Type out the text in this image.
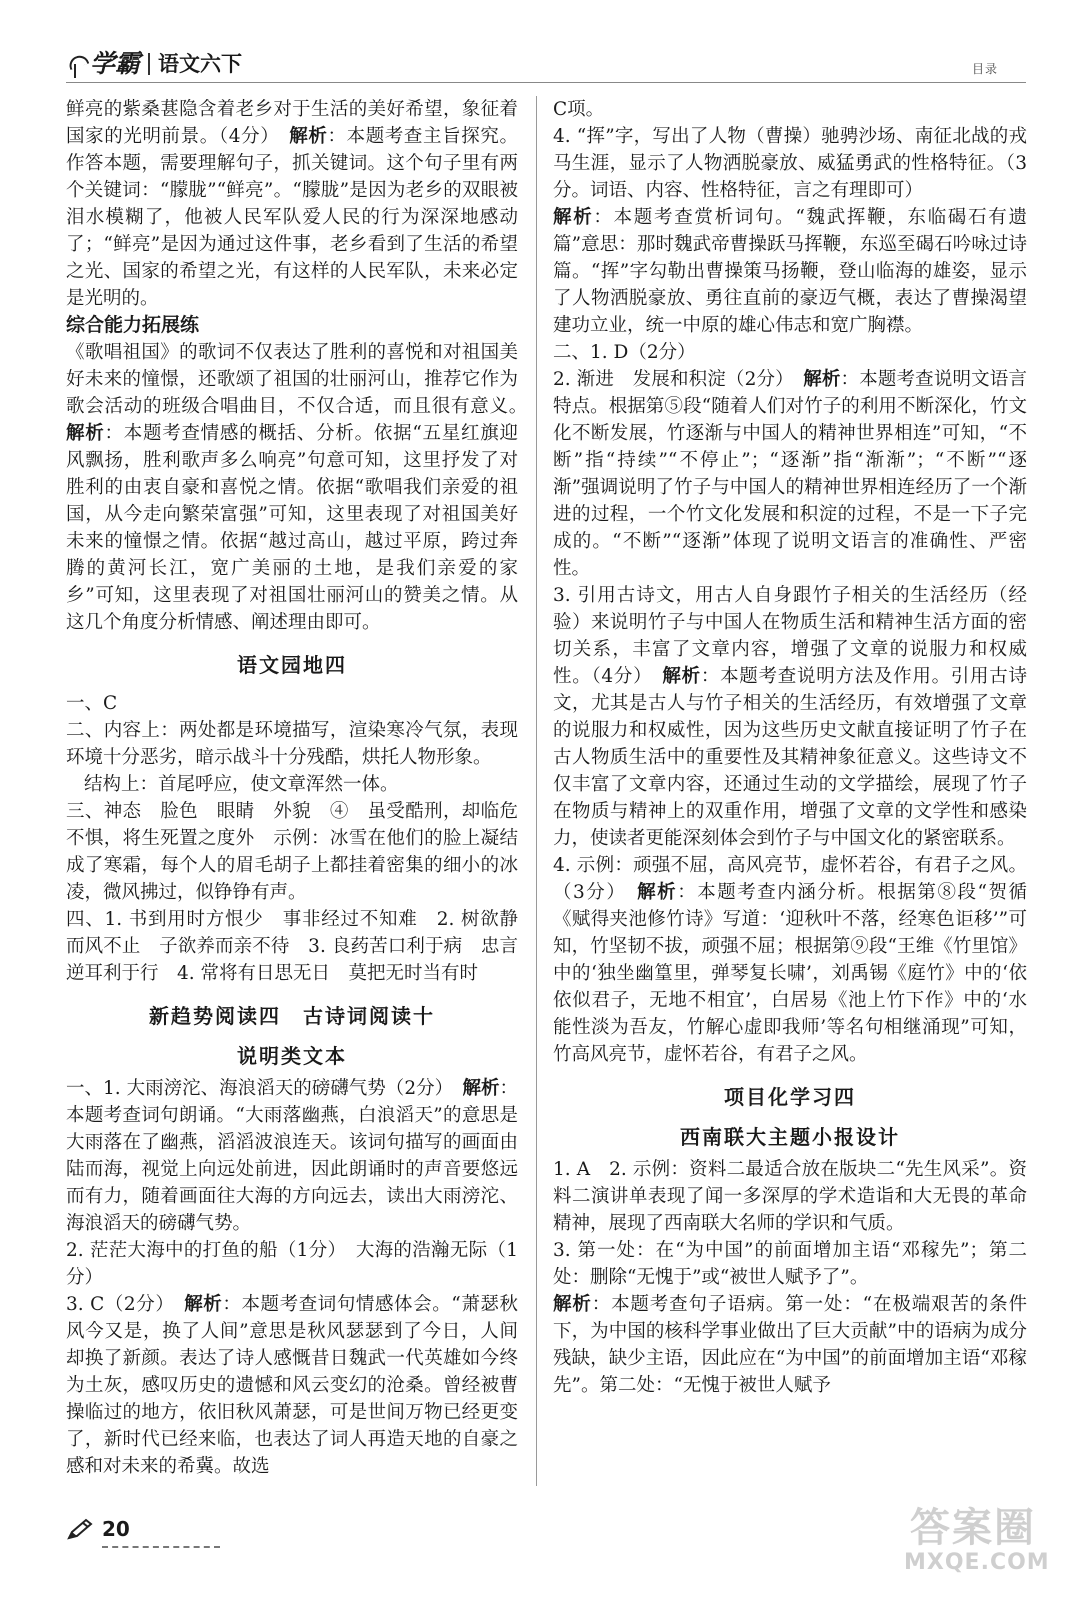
学霸 语文六下	目录

鲜亮的紫桑葚隐含着老乡对于生活的美好希望，象征着国家的光明前景。（4分）　 解析：本题考查主旨探究。作答本题，需要理解句子，抓关键词。这个句子里有两个关键词：“朦胧”“鲜亮”。“朦胧”是因为老乡的双眼被泪水模糊了，他被人民军队爱人民的行为深深地感动了；“鲜亮”是因为通过这件事，老乡看到了生活的希望之光、国家的希望之光，有这样的人民军队，未来必定是光明的。

综合能力拓展练

《歌唱祖国》的歌词不仅表达了胜利的喜悦和对祖国美好未来的憧憬，还歌颂了祖国的壮丽河山，推荐它作为歌会活动的班级合唱曲目，不仅合适，而且很有意义。　解析：本题考查情感的概括、分析。依据“五星红旗迎风飘扬，胜利歌声多么响亮”句意可知，这里抒发了对胜利的由衷自豪和喜悦之情。依据“歌唱我们亲爱的祖国，从今走向繁荣富强”可知，这里表现了对祖国美好未来的憧憬之情。依据“越过高山，越过平原，跨过奔腾的黄河长江，宽广美丽的土地，是我们亲爱的家乡”可知，这里表现了对祖国壮丽河山的赞美之情。从这几个角度分析情感、阐述理由即可。

语文园地四

一、C

二、内容上：两处都是环境描写，渲染寒冷气氛，表现环境十分恶劣，暗示战斗十分残酷，烘托人物形象。

结构上：首尾呼应，使文章浑然一体。

三、神态　脸色　眼睛　外貌　④　虽受酷刑，却临危不惧，将生死置之度外　示例：冰雪在他们的脸上凝结成了寒霜，每个人的眉毛胡子上都挂着密集的细小的冰凌，微风拂过，似铮铮有声。

四、1. 书到用时方恨少　事非经过不知难　2. 树欲静而风不止　子欲养而亲不待　3. 良药苦口利于病　忠言逆耳利于行　4. 常将有日思无日　莫把无时当有时

新趋势阅读四　古诗词阅读十

说明类文本

一、1. 大雨滂沱、海浪滔天的磅礴气势（2分）　 解析：本题考查词句朗诵。“大雨落幽燕，白浪滔天”的意思是大雨落在了幽燕，滔滔波浪连天。该词句描写的画面由陆而海，视觉上向远处前进，因此朗诵时的声音要悠远而有力，随着画面往大海的方向远去，读出大雨滂沱、海浪滔天的磅礴气势。

2. 茫茫大海中的打鱼的船（1分）　大海的浩瀚无际（1分）

3. C（2分）　 解析：本题考查词句情感体会。“萧瑟秋风今又是，换了人间”意思是秋风瑟瑟到了今日，人间却换了新颜。表达了诗人感慨昔日魏武一代英雄如今终为土灰，感叹历史的遗憾和风云变幻的沧桑。曾经被曹操临过的地方，依旧秋风萧瑟，可是世间万物已经更变了，新时代已经来临，也表达了词人再造天地的自豪之感和对未来的希冀。故选

C项。

4. “挥”字，写出了人物（曹操）驰骋沙场、南征北战的戎马生涯，显示了人物洒脱豪放、威猛勇武的性格特征。（3分。词语、内容、性格特征，言之有理即可）

解析：本题考查赏析词句。“魏武挥鞭，东临碣石有遗篇”意思：那时魏武帝曹操跃马挥鞭，东巡至碣石吟咏过诗篇。“挥”字勾勒出曹操策马扬鞭，登山临海的雄姿，显示了人物洒脱豪放、勇往直前的豪迈气概，表达了曹操渴望建功立业，统一中原的雄心伟志和宽广胸襟。

二、1. D（2分）

2. 渐进　发展和积淀（2分）　 解析：本题考查说明文语言特点。根据第⑤段“随着人们对竹子的利用不断深化，竹文化不断发展，竹逐渐与中国人的精神世界相连”可知，“不断”指“持续”“不停止”；“逐渐”指“渐渐”；“不断”“逐渐”强调说明了竹子与中国人的精神世界相连经历了一个渐进的过程，一个竹文化发展和积淀的过程，不是一下子完成的。“不断”“逐渐”体现了说明文语言的准确性、严密性。

3. 引用古诗文，用古人自身跟竹子相关的生活经历（经验）来说明竹子与中国人在物质生活和精神生活方面的密切关系，丰富了文章内容，增强了文章的说服力和权威性。（4分）　 解析：本题考查说明方法及作用。引用古诗文，尤其是古人与竹子相关的生活经历，有效增强了文章的说服力和权威性，因为这些历史文献直接证明了竹子在古人物质生活中的重要性及其精神象征意义。这些诗文不仅丰富了文章内容，还通过生动的文学描绘，展现了竹子在物质与精神上的双重作用，增强了文章的文学性和感染力，使读者更能深刻体会到竹子与中国文化的紧密联系。

4. 示例：顽强不屈，高风亮节，虚怀若谷，有君子之风。（3分）　 解析：本题考查内涵分析。根据第⑧段“贺循《赋得夹池修竹诗》写道：‘迎秋叶不落，经寒色讵移’”可知，竹坚韧不拔，顽强不屈；根据第⑨段“王维《竹里馆》中的‘独坐幽篁里，弹琴复长啸’，刘禹锡《庭竹》中的‘依依似君子，无地不相宜’，白居易《池上竹下作》中的‘水能性淡为吾友，竹解心虚即我师’等名句相继涌现”可知，竹高风亮节，虚怀若谷，有君子之风。

项目化学习四

西南联大主题小报设计

1. A　2. 示例：资料二最适合放在版块二“先生风采”。资料二演讲单表现了闻一多深厚的学术造诣和大无畏的革命精神，展现了西南联大名师的学识和气质。

3. 第一处：在“为中国”的前面增加主语“邓稼先”；第二处：删除“无愧于”或“被世人赋予了”。

解析：本题考查句子语病。第一处：“在极端艰苦的条件下，为中国的核科学事业做出了巨大贡献”中的语病为成分残缺，缺少主语，因此应在“为中国”的前面增加主语“邓稼先”。第二处：“无愧于被世人赋予

20	答案圈
MXQE.COM
